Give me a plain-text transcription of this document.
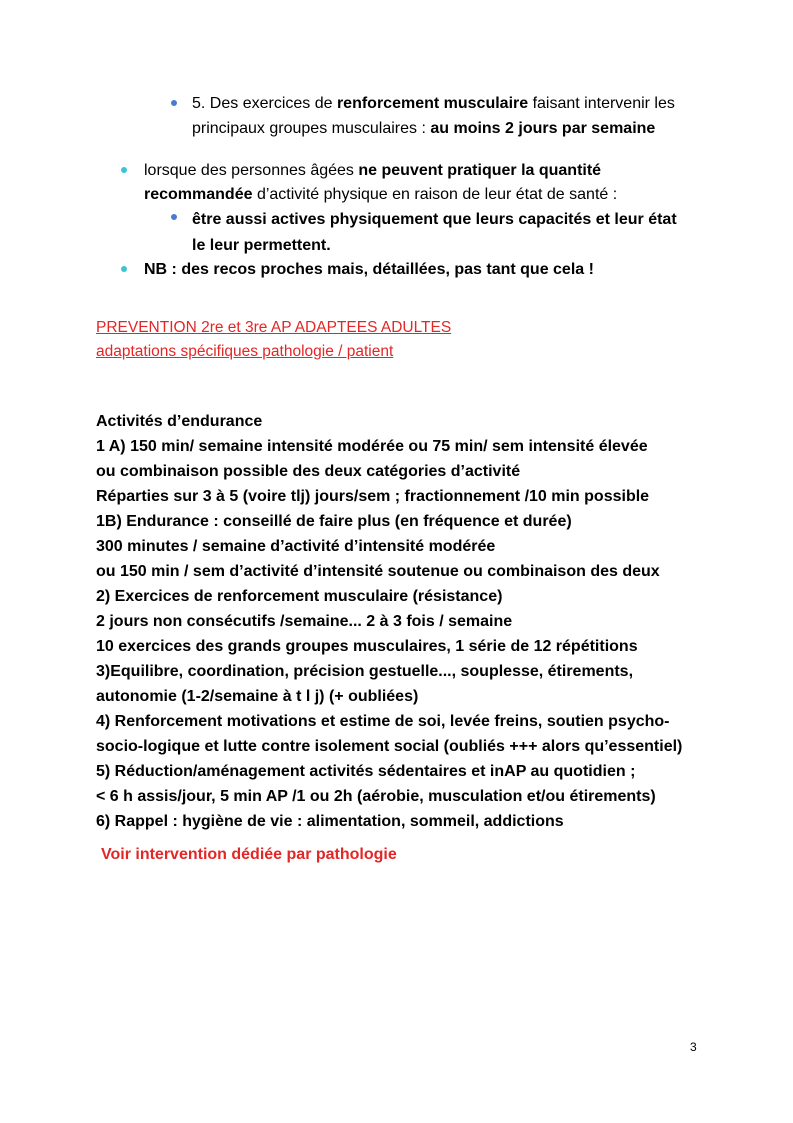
5. Des exercices de renforcement musculaire faisant intervenir les
principaux groupes musculaires : au moins 2 jours par semaine
lorsque des personnes âgées ne peuvent pratiquer la quantité
recommandée d’activité physique en raison de leur état de santé :
être aussi actives physiquement que leurs capacités et leur état
le leur permettent.
NB : des recos proches mais, détaillées, pas tant que cela !
PREVENTION 2re et 3re AP ADAPTEES ADULTES
adaptations spécifiques pathologie / patient
Activités d’endurance
1 A) 150 min/ semaine intensité modérée ou 75 min/ sem intensité élevée
ou combinaison possible des deux catégories d’activité
Réparties sur 3 à 5 (voire tlj) jours/sem ; fractionnement /10 min possible
1B) Endurance : conseillé de faire plus (en fréquence et durée)
300 minutes / semaine d’activité d’intensité modérée
ou 150 min / sem d’activité d’intensité soutenue ou combinaison des deux
2) Exercices de renforcement musculaire (résistance)
2 jours non consécutifs /semaine... 2 à 3 fois / semaine
10 exercices des grands groupes musculaires, 1 série de 12 répétitions
3)Equilibre, coordination, précision gestuelle..., souplesse, étirements,
autonomie (1-2/semaine à t l j) (+ oubliées)
4) Renforcement motivations et estime de soi, levée freins, soutien psycho-
socio-logique et lutte contre isolement social (oubliés +++ alors qu’essentiel)
5) Réduction/aménagement activités sédentaires et inAP au quotidien ;
< 6 h assis/jour, 5 min AP /1 ou 2h (aérobie, musculation et/ou étirements)
6) Rappel : hygiène de vie : alimentation, sommeil, addictions
Voir intervention dédiée par pathologie
3
